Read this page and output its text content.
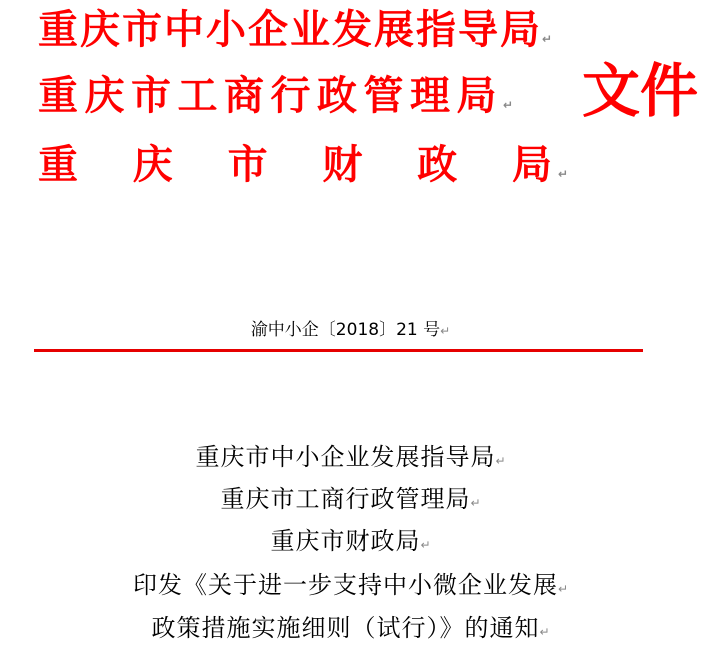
重庆市中小企业发展指导局↵
重庆市工商行政管理局↵
重 庆 市 财 政 局 ↵
文件
渝中小企〔2018〕21 号↵
重庆市中小企业发展指导局↵
重庆市工商行政管理局↵
重庆市财政局↵
印发《关于进一步支持中小微企业发展↵
政策措施实施细则（试行）》的通知↵
